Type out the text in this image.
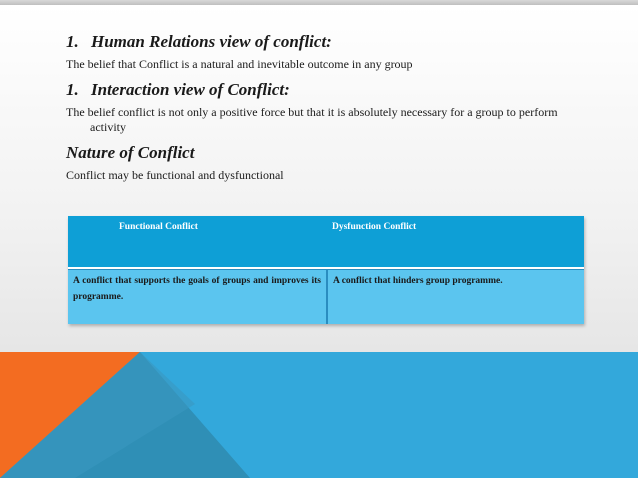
1. Human Relations view of conflict:

The belief that Conflict is a natural and inevitable outcome in any group

1. Interaction view of Conflict:

The belief conflict is not only a positive force but that it is absolutely necessary for a group to perform

activity

Nature of Conflict

Conflict may be functional and dysfunctional

Functional Conflict	Dysfunction Conflict
A conflict that supports the goals of groups and improves its programme.
A conflict that hinders group programme.
